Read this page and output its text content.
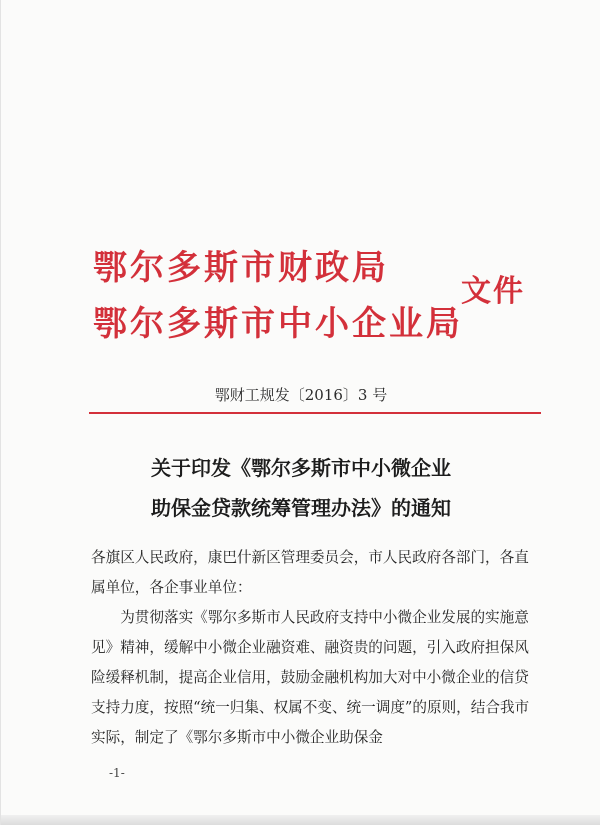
鄂尔多斯市财政局
鄂尔多斯市中小企业局
文件
鄂财工规发〔2016〕3 号
关于印发《鄂尔多斯市中小微企业
助保金贷款统筹管理办法》的通知

各旗区人民政府，康巴什新区管理委员会，市人民政府各部门，各直属单位，各企事业单位：

为贯彻落实《鄂尔多斯市人民政府支持中小微企业发展的实施意见》精神，缓解中小微企业融资难、融资贵的问题，引入政府担保风险缓释机制，提高企业信用，鼓励金融机构加大对中小微企业的信贷支持力度，按照“统一归集、权属不变、统一调度”的原则，结合我市实际，制定了《鄂尔多斯市中小微企业助保金

-1-
